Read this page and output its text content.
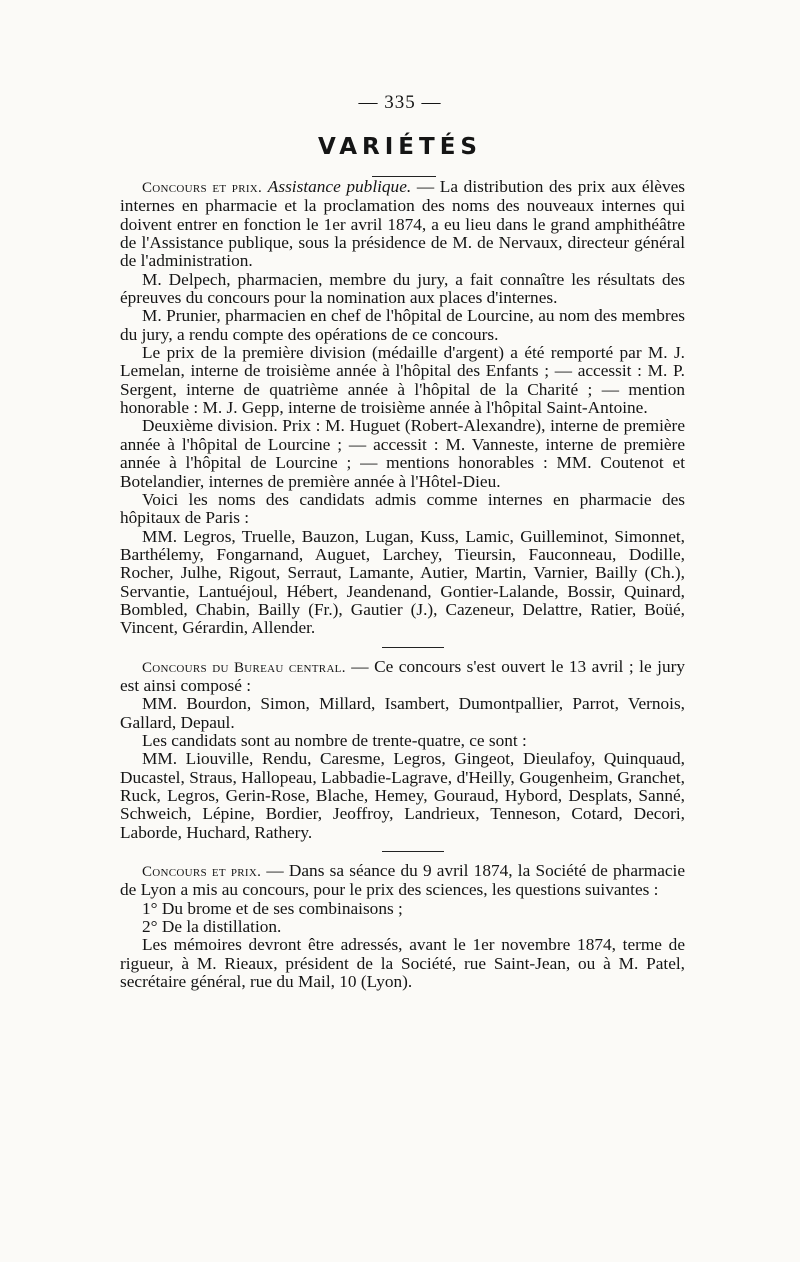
— 335 —
VARIÉTÉS

Concours et prix. Assistance publique. — La distribution des prix aux élèves internes en pharmacie et la proclamation des noms des nouveaux internes qui doivent entrer en fonction le 1er avril 1874, a eu lieu dans le grand amphithéâtre de l'Assistance publique, sous la présidence de M. de Nervaux, directeur général de l'administration.

M. Delpech, pharmacien, membre du jury, a fait connaître les résultats des épreuves du concours pour la nomination aux places d'internes.

M. Prunier, pharmacien en chef de l'hôpital de Lourcine, au nom des membres du jury, a rendu compte des opérations de ce concours.

Le prix de la première division (médaille d'argent) a été remporté par M. J. Lemelan, interne de troisième année à l'hôpital des Enfants ; — accessit : M. P. Sergent, interne de quatrième année à l'hôpital de la Charité ; — mention honorable : M. J. Gepp, interne de troisième année à l'hôpital Saint-Antoine.

Deuxième division. Prix : M. Huguet (Robert-Alexandre), interne de première année à l'hôpital de Lourcine ; — accessit : M. Vanneste, interne de première année à l'hôpital de Lourcine ; — mentions honorables : MM. Coutenot et Botelandier, internes de première année à l'Hôtel-Dieu.

Voici les noms des candidats admis comme internes en pharmacie des hôpitaux de Paris :

MM. Legros, Truelle, Bauzon, Lugan, Kuss, Lamic, Guilleminot, Simonnet, Barthélemy, Fongarnand, Auguet, Larchey, Tieursin, Fauconneau, Dodille, Rocher, Julhe, Rigout, Serraut, Lamante, Autier, Martin, Varnier, Bailly (Ch.), Servantie, Lantuéjoul, Hébert, Jeandenand, Gontier-Lalande, Bossir, Quinard, Bombled, Chabin, Bailly (Fr.), Gautier (J.), Cazeneur, Delattre, Ratier, Boüé, Vincent, Gérardin, Allender.

Concours du Bureau central. — Ce concours s'est ouvert le 13 avril ; le jury est ainsi composé :

MM. Bourdon, Simon, Millard, Isambert, Dumontpallier, Parrot, Vernois, Gallard, Depaul.

Les candidats sont au nombre de trente-quatre, ce sont :

MM. Liouville, Rendu, Caresme, Legros, Gingeot, Dieulafoy, Quinquaud, Ducastel, Straus, Hallopeau, Labbadie-Lagrave, d'Heilly, Gougenheim, Granchet, Ruck, Legros, Gerin-Rose, Blache, Hemey, Gouraud, Hybord, Desplats, Sanné, Schweich, Lépine, Bordier, Jeoffroy, Landrieux, Tenneson, Cotard, Decori, Laborde, Huchard, Rathery.

Concours et prix. — Dans sa séance du 9 avril 1874, la Société de pharmacie de Lyon a mis au concours, pour le prix des sciences, les questions suivantes :

1° Du brome et de ses combinaisons ;

2° De la distillation.

Les mémoires devront être adressés, avant le 1er novembre 1874, terme de rigueur, à M. Rieaux, président de la Société, rue Saint-Jean, ou à M. Patel, secrétaire général, rue du Mail, 10 (Lyon).
